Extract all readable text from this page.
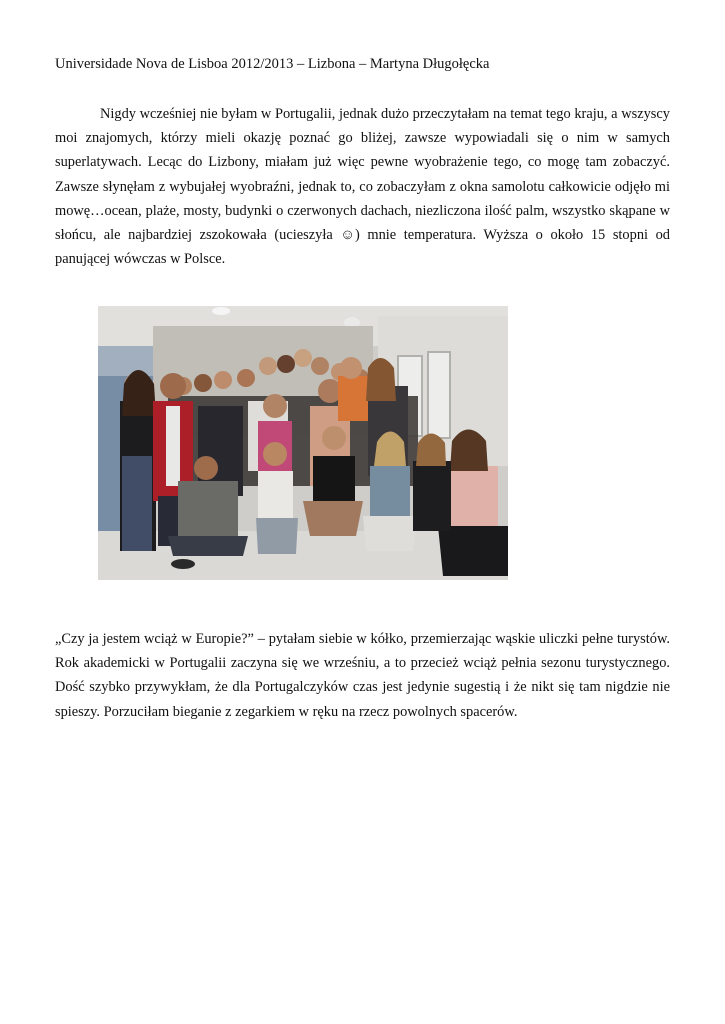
Universidade Nova de Lisboa 2012/2013 – Lizbona – Martyna Długołęcka

Nigdy wcześniej nie byłam w Portugalii, jednak dużo przeczytałam na temat tego kraju, a wszyscy moi znajomych, którzy mieli okazję poznać go bliżej, zawsze wypowiadali się o nim w samych superlatywach. Lecąc do Lizbony, miałam już więc pewne wyobrażenie tego, co mogę tam zobaczyć. Zawsze słynęłam z wybujałej wyobraźni, jednak to, co zobaczyłam z okna samolotu całkowicie odjęło mi mowę…ocean, plaże, mosty, budynki o czerwonych dachach, niezliczona ilość palm, wszystko skąpane w słońcu, ale najbardziej zszokowała (ucieszyła ☺) mnie temperatura. Wyższa o około 15 stopni od panującej wówczas w Polsce.

„Czy ja jestem wciąż w Europie?” – pytałam siebie w kółko, przemierzając wąskie uliczki pełne turystów. Rok akademicki w Portugalii zaczyna się we wrześniu, a to przecież wciąż pełnia sezonu turystycznego. Dość szybko przywykłam, że dla Portugalczyków czas jest jedynie sugestią i że nikt się tam nigdzie nie spieszy. Porzuciłam bieganie z zegarkiem w ręku na rzecz powolnych spacerów.
